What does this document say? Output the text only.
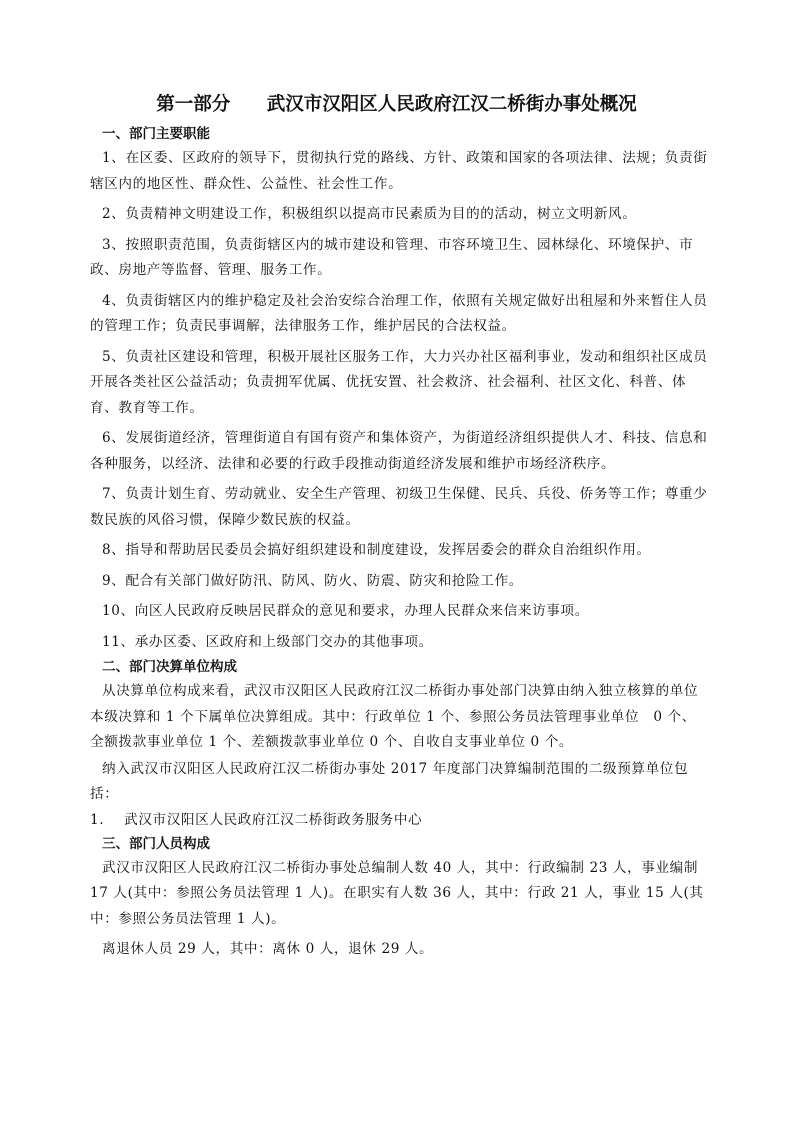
第一部分 武汉市汉阳区人民政府江汉二桥街办事处概况

一、部门主要职能

1、在区委、区政府的领导下，贯彻执行党的路线、方针、政策和国家的各项法律、法规；负责街辖区内的地区性、群众性、公益性、社会性工作。

2、负责精神文明建设工作，积极组织以提高市民素质为目的的活动，树立文明新风。

3、按照职责范围，负责街辖区内的城市建设和管理、市容环境卫生、园林绿化、环境保护、市政、房地产等监督、管理、服务工作。

4、负责街辖区内的维护稳定及社会治安综合治理工作，依照有关规定做好出租屋和外来暂住人员的管理工作；负责民事调解，法律服务工作，维护居民的合法权益。

5、负责社区建设和管理，积极开展社区服务工作，大力兴办社区福利事业，发动和组织社区成员开展各类社区公益活动；负责拥军优属、优抚安置、社会救济、社会福利、社区文化、科普、体育、教育等工作。

6、发展街道经济，管理街道自有国有资产和集体资产，为街道经济组织提供人才、科技、信息和各种服务，以经济、法律和必要的行政手段推动街道经济发展和维护市场经济秩序。

7、负责计划生育、劳动就业、安全生产管理、初级卫生保健、民兵、兵役、侨务等工作；尊重少数民族的风俗习惯，保障少数民族的权益。

8、指导和帮助居民委员会搞好组织建设和制度建设，发挥居委会的群众自治组织作用。

9、配合有关部门做好防汛、防风、防火、防震、防灾和抢险工作。

10、向区人民政府反映居民群众的意见和要求，办理人民群众来信来访事项。

11、承办区委、区政府和上级部门交办的其他事项。

二、部门决算单位构成

从决算单位构成来看，武汉市汉阳区人民政府江汉二桥街办事处部门决算由纳入独立核算的单位本级决算和 1 个下属单位决算组成。其中：行政单位 1 个、参照公务员法管理事业单位　0 个、全额拨款事业单位 1 个、差额拨款事业单位 0 个、自收自支事业单位 0 个。

纳入武汉市汉阳区人民政府江汉二桥街办事处 2017 年度部门决算编制范围的二级预算单位包括：

1. 武汉市汉阳区人民政府江汉二桥街政务服务中心

三、部门人员构成

武汉市汉阳区人民政府江汉二桥街办事处总编制人数 40 人，其中：行政编制 23 人，事业编制 17 人(其中：参照公务员法管理 1 人)。在职实有人数 36 人，其中：行政 21 人，事业 15 人(其中：参照公务员法管理 1 人)。

离退休人员 29 人，其中：离休 0 人，退休 29 人。
